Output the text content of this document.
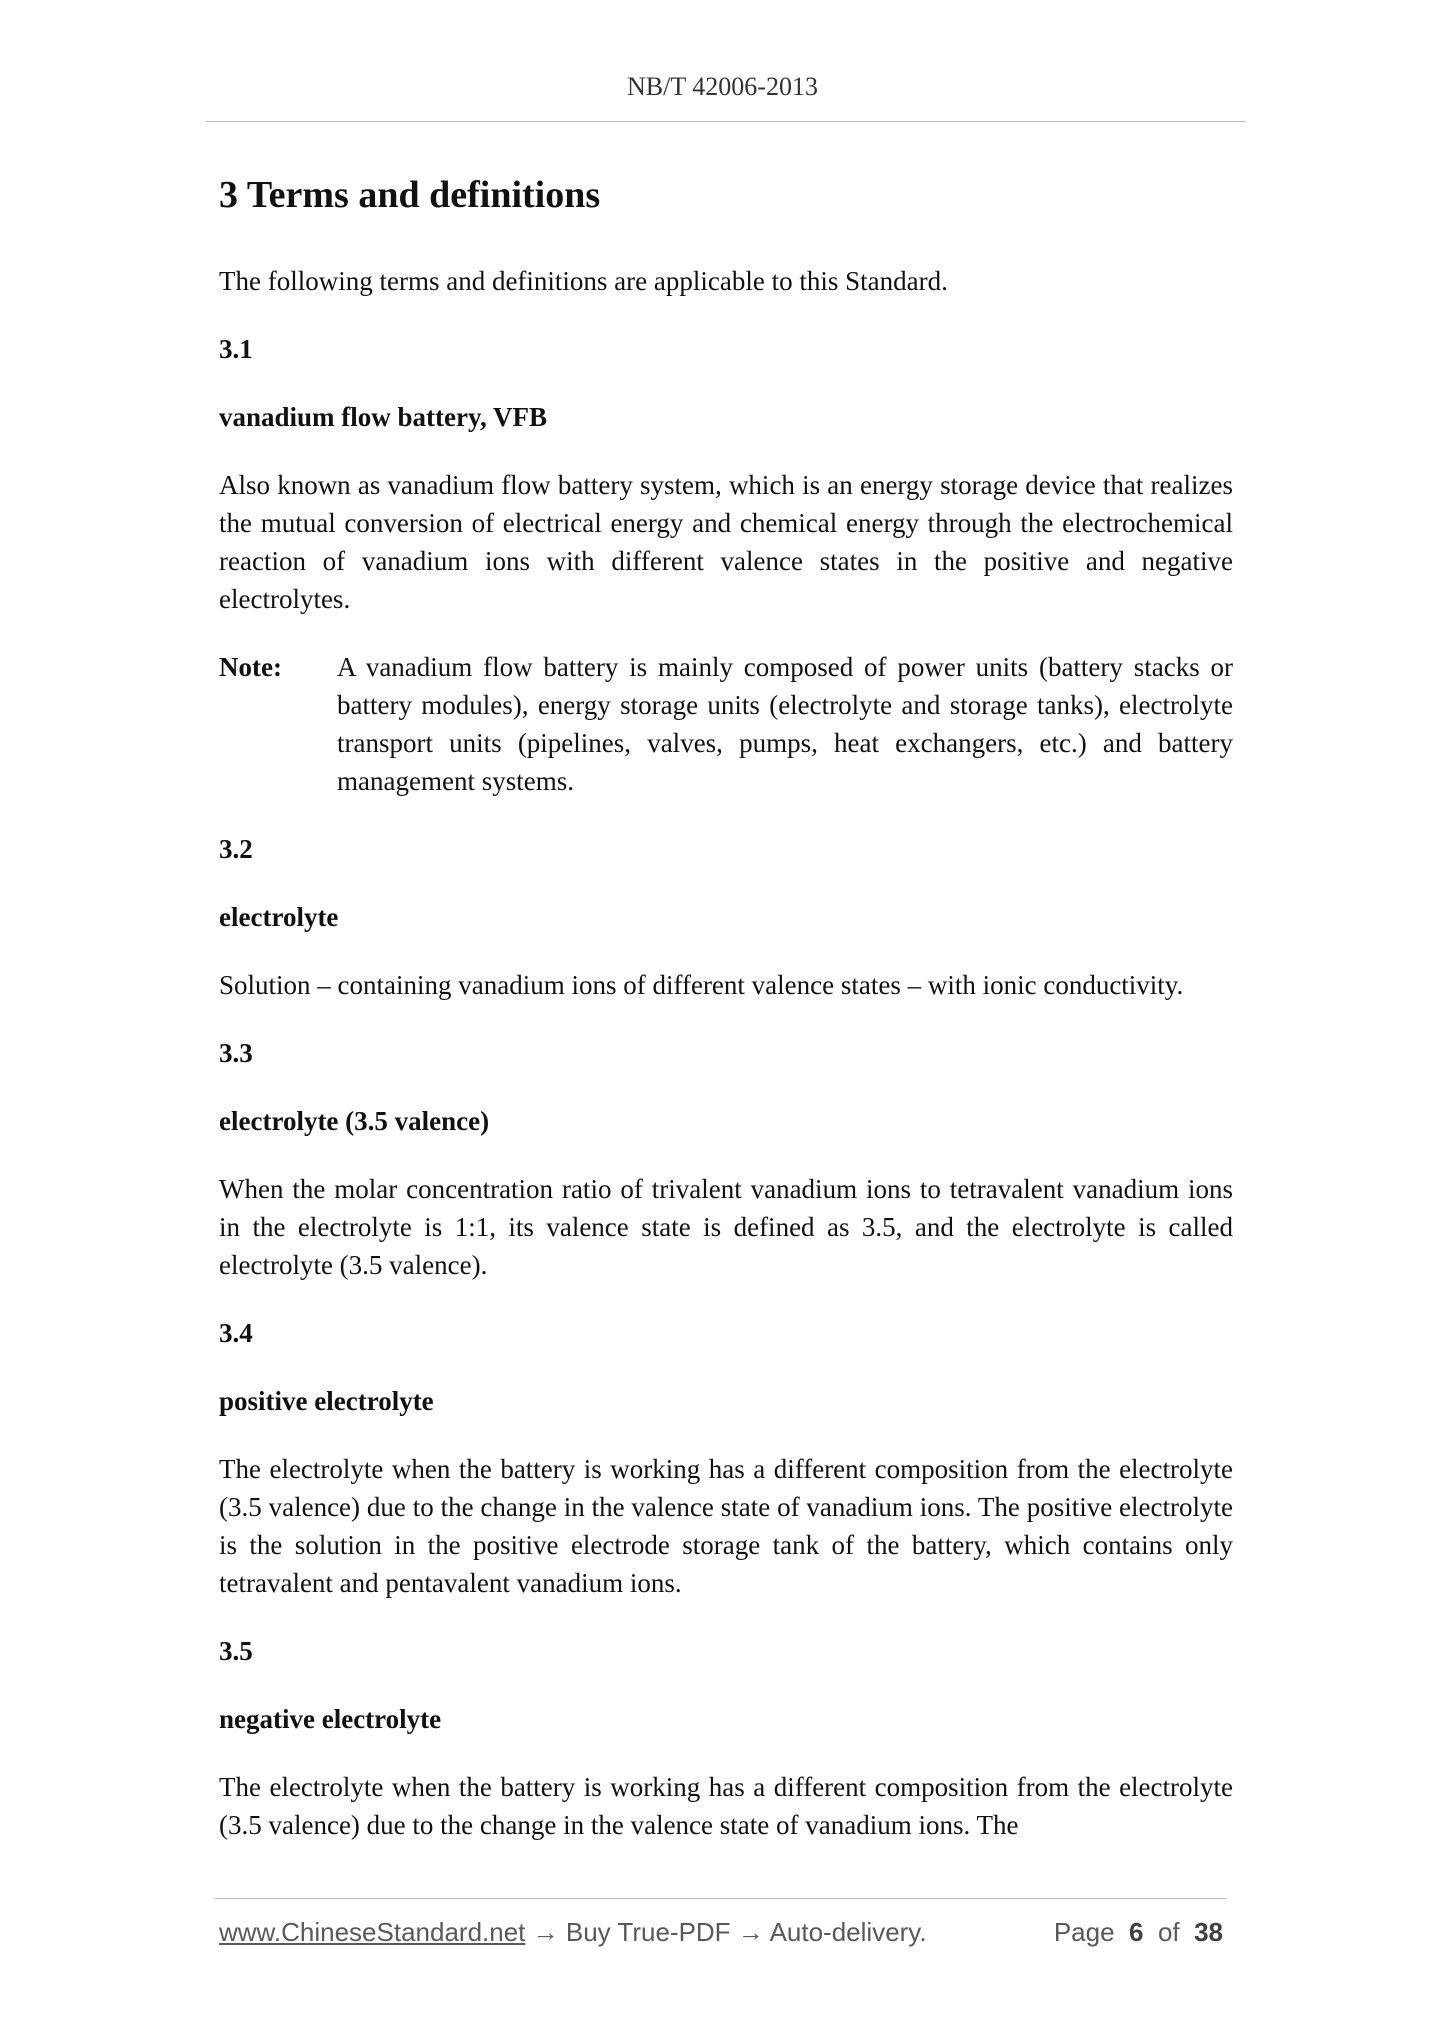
NB/T 42006-2013
3 Terms and definitions

The following terms and definitions are applicable to this Standard.

3.1

vanadium flow battery, VFB

Also known as vanadium flow battery system, which is an energy storage device that realizes the mutual conversion of electrical energy and chemical energy through the electrochemical reaction of vanadium ions with different valence states in the positive and negative electrolytes.

Note:	A vanadium flow battery is mainly composed of power units (battery stacks or battery modules), energy storage units (electrolyte and storage tanks), electrolyte transport units (pipelines, valves, pumps, heat exchangers, etc.) and battery management systems.

3.2

electrolyte

Solution – containing vanadium ions of different valence states – with ionic conductivity.

3.3

electrolyte (3.5 valence)

When the molar concentration ratio of trivalent vanadium ions to tetravalent vanadium ions in the electrolyte is 1:1, its valence state is defined as 3.5, and the electrolyte is called electrolyte (3.5 valence).

3.4

positive electrolyte

The electrolyte when the battery is working has a different composition from the electrolyte (3.5 valence) due to the change in the valence state of vanadium ions. The positive electrolyte is the solution in the positive electrode storage tank of the battery, which contains only tetravalent and pentavalent vanadium ions.

3.5

negative electrolyte

The electrolyte when the battery is working has a different composition from the electrolyte (3.5 valence) due to the change in the valence state of vanadium ions. The

www.ChineseStandard.net → Buy True-PDF → Auto-delivery.	Page 6 of 38
